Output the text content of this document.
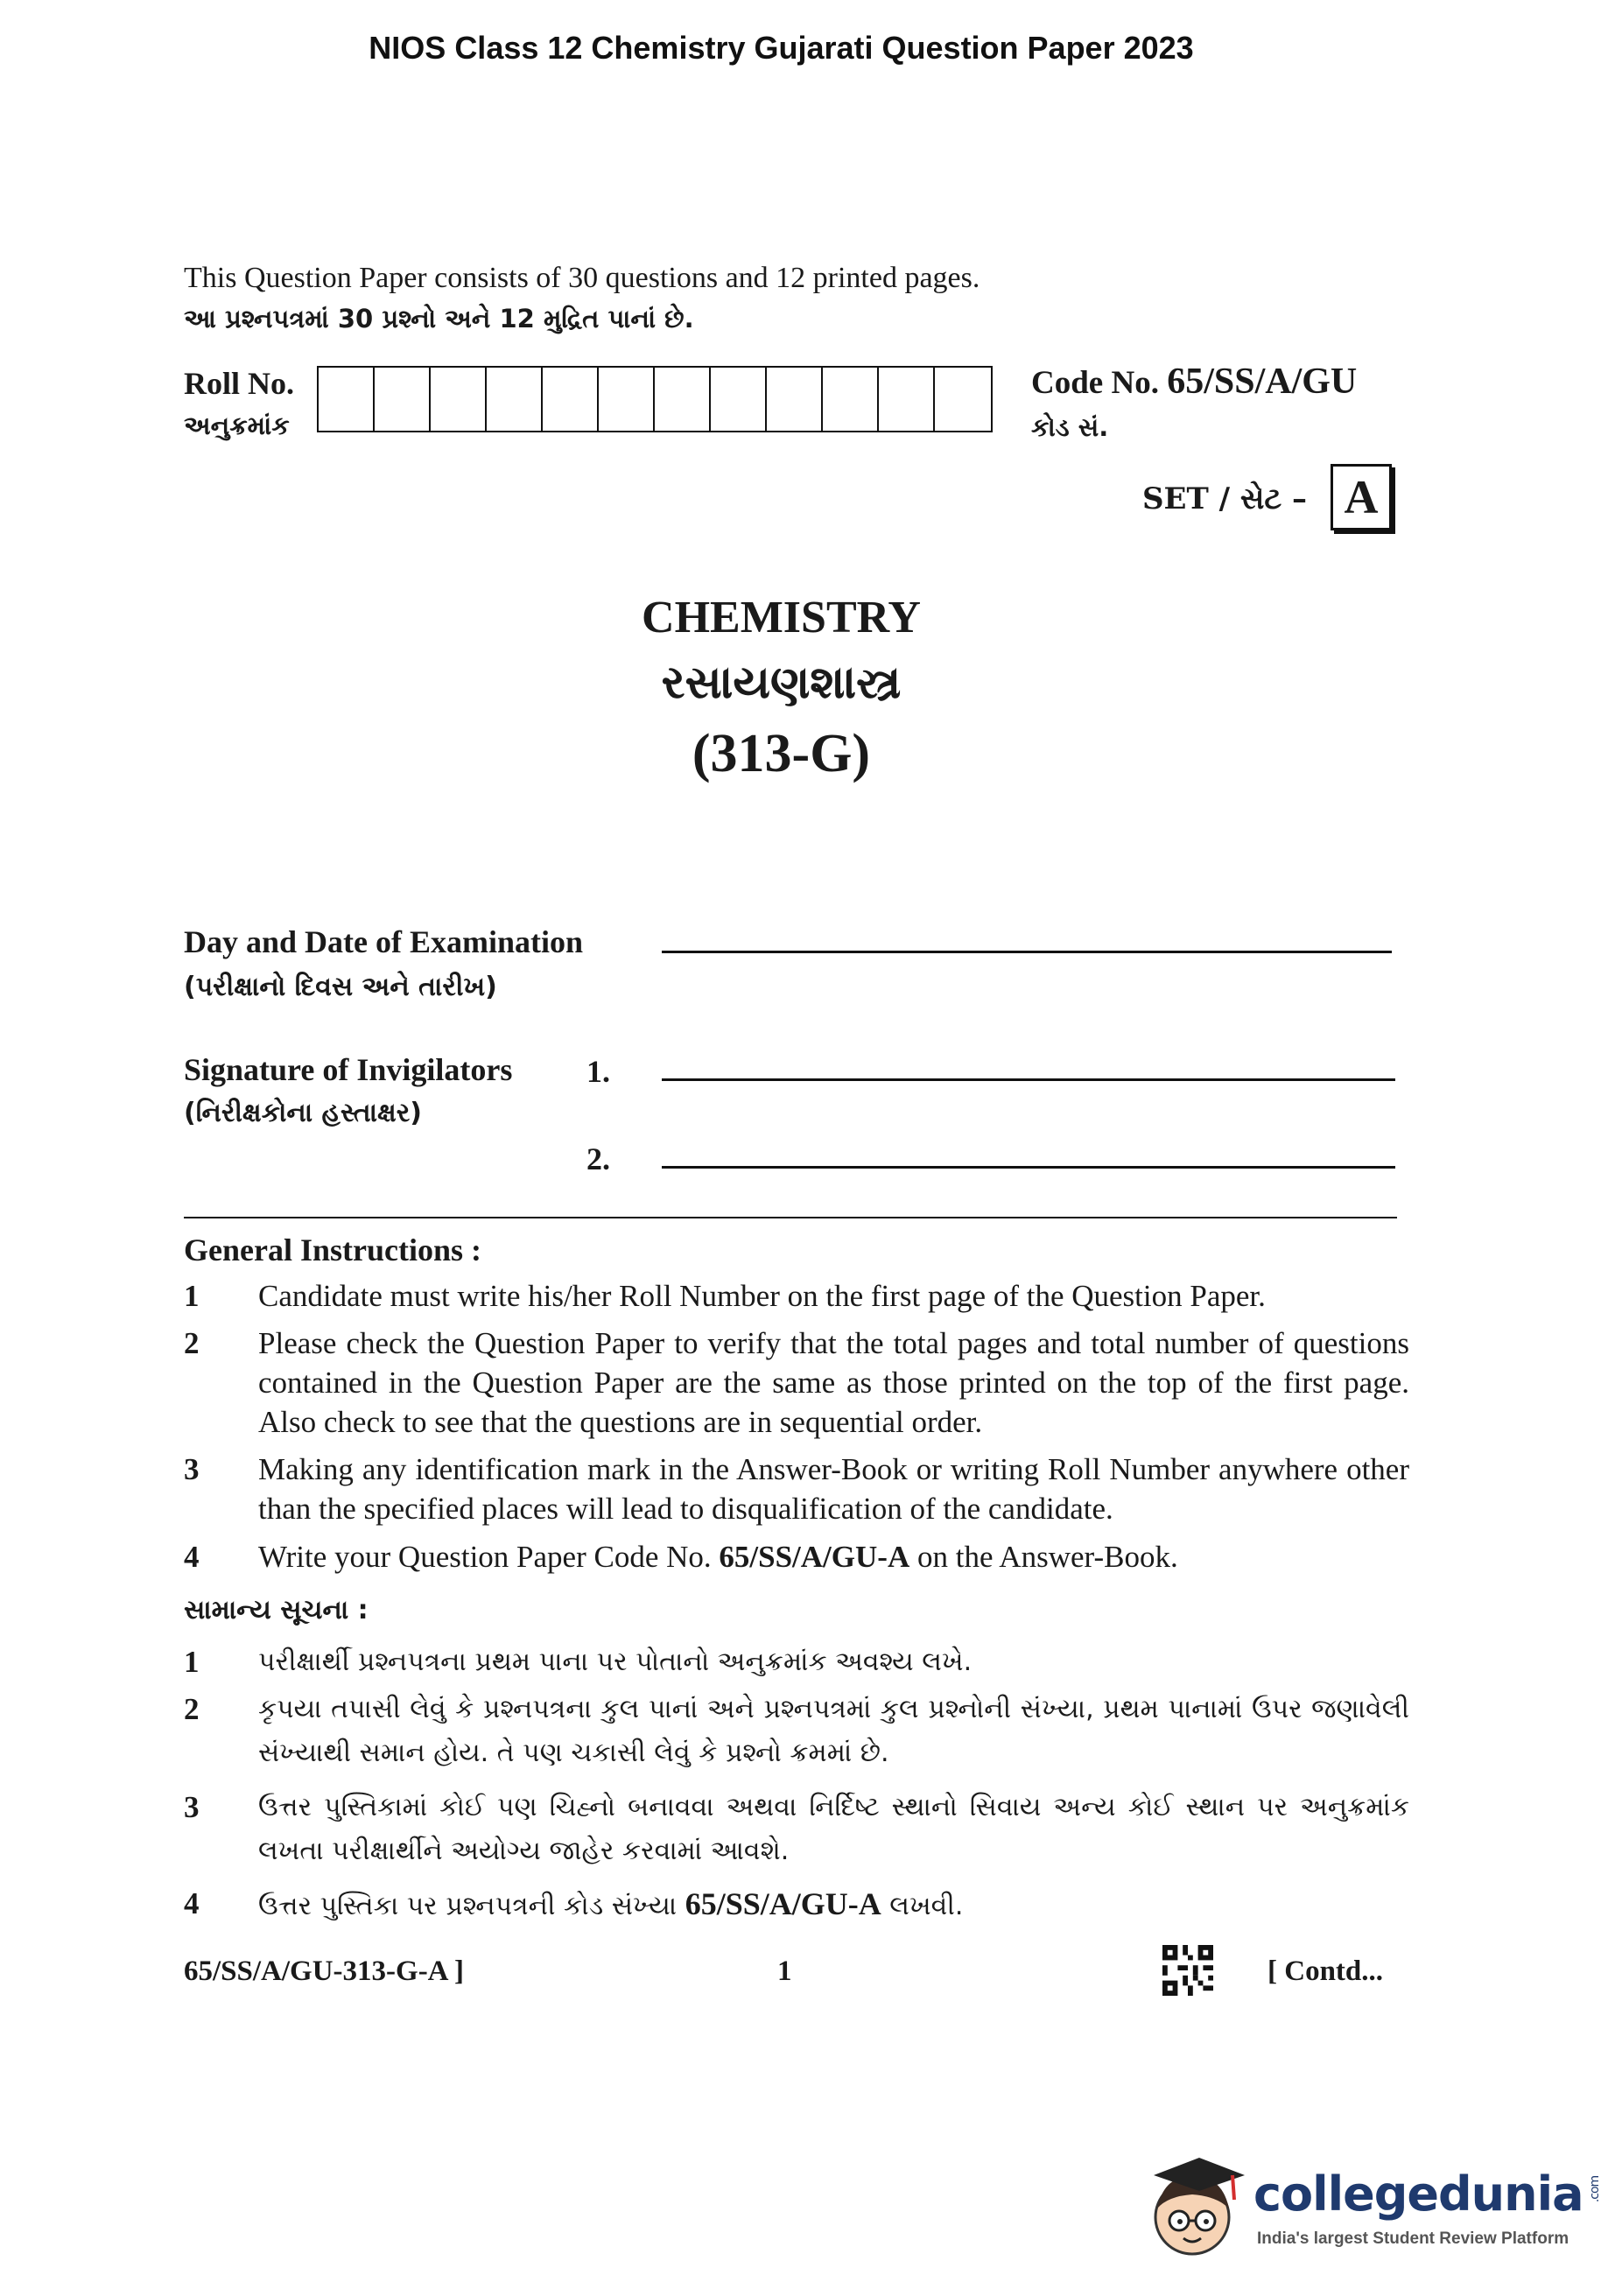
NIOS Class 12 Chemistry Gujarati Question Paper 2023
This Question Paper consists of 30 questions and 12 printed pages.
આ પ્રશ્નપત્રમાં 30 પ્રશ્નો અને 12 મુદ્રિત પાનાં છે.
Roll No.
અનુક્રમાંક
Code No. 65/SS/A/GU
કોડ સં.
SET / સેટ – A
CHEMISTRY
રસાયણશાસ્ત્ર
(313-G)
Day and Date of Examination
(પરીક્ષાનો દિવસ અને તારીખ)
Signature of Invigilators
(નિરીક્ષકોના હસ્તાક્ષર)
1.
2.
General Instructions :
1	Candidate must write his/her Roll Number on the first page of the Question Paper.
2	Please check the Question Paper to verify that the total pages and total number of questions contained in the Question Paper are the same as those printed on the top of the first page. Also check to see that the questions are in sequential order.
3	Making any identification mark in the Answer-Book or writing Roll Number anywhere other than the specified places will lead to disqualification of the candidate.
4	Write your Question Paper Code No. 65/SS/A/GU-A on the Answer-Book.
સામાન્ય સૂચના :
1	પરીક્ષાર્થી પ્રશ્નપત્રના પ્રથમ પાના પર પોતાનો અનુક્રમાંક અવશ્ય લખે.
2	કૃપયા તપાસી લેવું કે પ્રશ્નપત્રના કુલ પાનાં અને પ્રશ્નપત્રમાં કુલ પ્રશ્નોની સંખ્યા, પ્રથમ પાનામાં ઉપર જણાવેલી સંખ્યાથી સમાન હોય. તે પણ ચકાસી લેવું કે પ્રશ્નો ક્રમમાં છે.
3	ઉત્તર પુસ્તિકામાં કોઈ પણ ચિહ્નો બનાવવા અથવા નિર્દિષ્ટ સ્થાનો સિવાય અન્ય કોઈ સ્થાન પર અનુક્રમાંક લખતા પરીક્ષાર્થીને અયોગ્ય જાહેર કરવામાં આવશે.
4	ઉત્તર પુસ્તિકા પર પ્રશ્નપત્રની કોડ સંખ્યા 65/SS/A/GU-A લખવી.
65/SS/A/GU-313-G-A ]	1	[ Contd...
collegedunia .com
India's largest Student Review Platform
